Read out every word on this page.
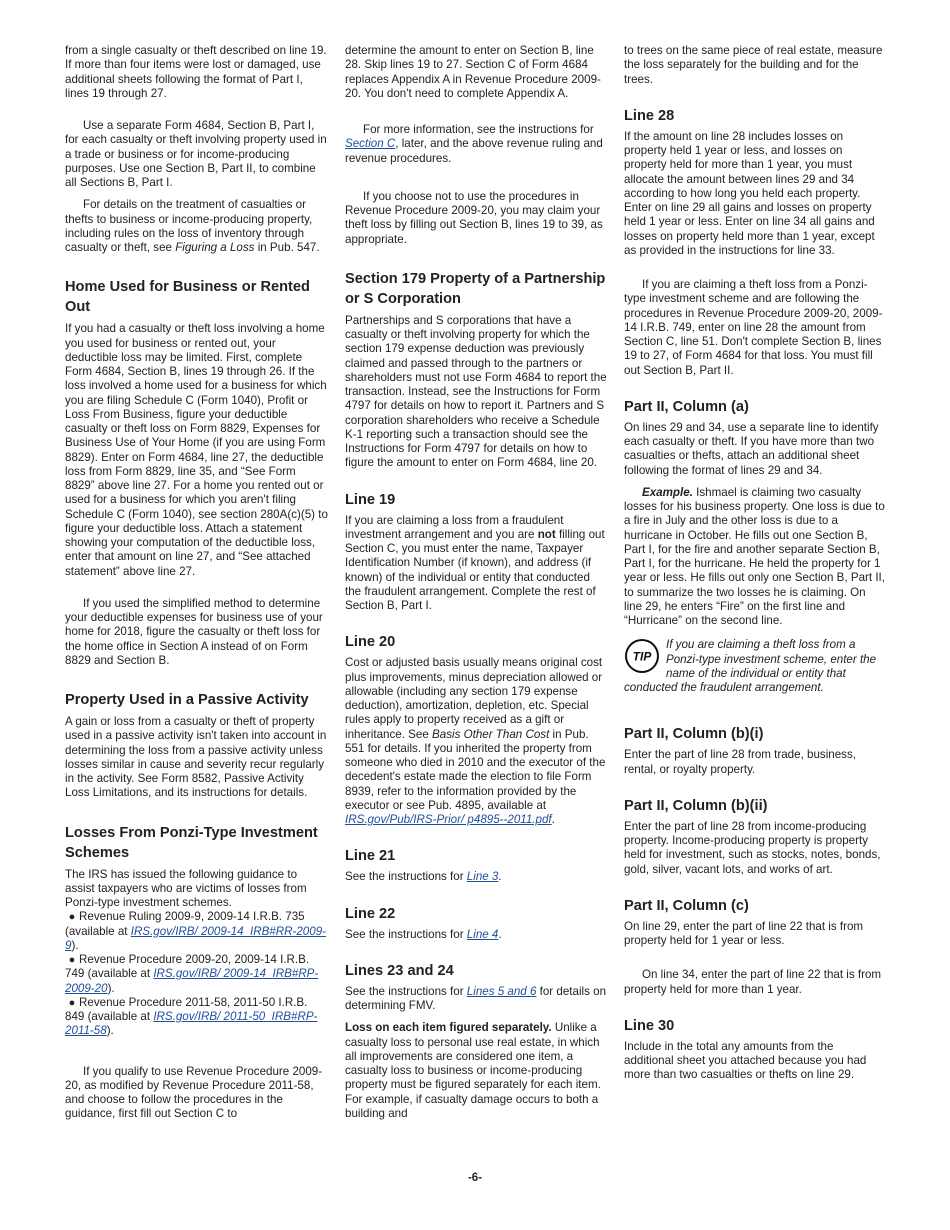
from a single casualty or theft described on line 19. If more than four items were lost or damaged, use additional sheets following the format of Part I, lines 19 through 27.

Use a separate Form 4684, Section B, Part I, for each casualty or theft involving property used in a trade or business or for income-producing purposes. Use one Section B, Part II, to combine all Sections B, Part I.

For details on the treatment of casualties or thefts to business or income-producing property, including rules on the loss of inventory through casualty or theft, see Figuring a Loss in Pub. 547.

Home Used for Business or Rented Out

If you had a casualty or theft loss involving a home you used for business or rented out, your deductible loss may be limited. First, complete Form 4684, Section B, lines 19 through 26. If the loss involved a home used for a business for which you are filing Schedule C (Form 1040), Profit or Loss From Business, figure your deductible casualty or theft loss on Form 8829, Expenses for Business Use of Your Home (if you are using Form 8829). Enter on Form 4684, line 27, the deductible loss from Form 8829, line 35, and “See Form 8829” above line 27. For a home you rented out or used for a business for which you aren't filing Schedule C (Form 1040), see section 280A(c)(5) to figure your deductible loss. Attach a statement showing your computation of the deductible loss, enter that amount on line 27, and “See attached statement” above line 27.

If you used the simplified method to determine your deductible expenses for business use of your home for 2018, figure the casualty or theft loss for the home office in Section A instead of on Form 8829 and Section B.

Property Used in a Passive Activity

A gain or loss from a casualty or theft of property used in a passive activity isn't taken into account in determining the loss from a passive activity unless losses similar in cause and severity recur regularly in the activity. See Form 8582, Passive Activity Loss Limitations, and its instructions for details.

Losses From Ponzi-Type Investment Schemes

The IRS has issued the following guidance to assist taxpayers who are victims of losses from Ponzi-type investment schemes.

● Revenue Ruling 2009-9, 2009-14 I.R.B. 735 (available at IRS.gov/IRB/ 2009-14_IRB#RR-2009-9).
● Revenue Procedure 2009-20, 2009-14 I.R.B. 749 (available at IRS.gov/IRB/ 2009-14_IRB#RP-2009-20).
● Revenue Procedure 2011-58, 2011-50 I.R.B. 849 (available at IRS.gov/IRB/ 2011-50_IRB#RP-2011-58).

If you qualify to use Revenue Procedure 2009-20, as modified by Revenue Procedure 2011-58, and choose to follow the procedures in the guidance, first fill out Section C to

determine the amount to enter on Section B, line 28. Skip lines 19 to 27. Section C of Form 4684 replaces Appendix A in Revenue Procedure 2009-20. You don't need to complete Appendix A.

For more information, see the instructions for Section C, later, and the above revenue ruling and revenue procedures.

If you choose not to use the procedures in Revenue Procedure 2009-20, you may claim your theft loss by filling out Section B, lines 19 to 39, as appropriate.

Section 179 Property of a Partnership or S Corporation

Partnerships and S corporations that have a casualty or theft involving property for which the section 179 expense deduction was previously claimed and passed through to the partners or shareholders must not use Form 4684 to report the transaction. Instead, see the Instructions for Form 4797 for details on how to report it. Partners and S corporation shareholders who receive a Schedule K-1 reporting such a transaction should see the Instructions for Form 4797 for details on how to figure the amount to enter on Form 4684, line 20.

Line 19

If you are claiming a loss from a fraudulent investment arrangement and you are not filling out Section C, you must enter the name, Taxpayer Identification Number (if known), and address (if known) of the individual or entity that conducted the fraudulent arrangement. Complete the rest of Section B, Part I.

Line 20

Cost or adjusted basis usually means original cost plus improvements, minus depreciation allowed or allowable (including any section 179 expense deduction), amortization, depletion, etc. Special rules apply to property received as a gift or inheritance. See Basis Other Than Cost in Pub. 551 for details. If you inherited the property from someone who died in 2010 and the executor of the decedent's estate made the election to file Form 8939, refer to the information provided by the executor or see Pub. 4895, available at IRS.gov/Pub/IRS-Prior/ p4895--2011.pdf.

Line 21

See the instructions for Line 3.

Line 22

See the instructions for Line 4.

Lines 23 and 24

See the instructions for Lines 5 and 6 for details on determining FMV.

Loss on each item figured separately. Unlike a casualty loss to personal use real estate, in which all improvements are considered one item, a casualty loss to business or income-producing property must be figured separately for each item. For example, if casualty damage occurs to both a building and

to trees on the same piece of real estate, measure the loss separately for the building and for the trees.

Line 28

If the amount on line 28 includes losses on property held 1 year or less, and losses on property held for more than 1 year, you must allocate the amount between lines 29 and 34 according to how long you held each property. Enter on line 29 all gains and losses on property held 1 year or less. Enter on line 34 all gains and losses on property held more than 1 year, except as provided in the instructions for line 33.

If you are claiming a theft loss from a Ponzi-type investment scheme and are following the procedures in Revenue Procedure 2009-20, 2009-14 I.R.B. 749, enter on line 28 the amount from Section C, line 51. Don't complete Section B, lines 19 to 27, of Form 4684 for that loss. You must fill out Section B, Part II.

Part II, Column (a)

On lines 29 and 34, use a separate line to identify each casualty or theft. If you have more than two casualties or thefts, attach an additional sheet following the format of lines 29 and 34.

Example. Ishmael is claiming two casualty losses for his business property. One loss is due to a fire in July and the other loss is due to a hurricane in October. He fills out one Section B, Part I, for the fire and another separate Section B, Part I, for the hurricane. He held the property for 1 year or less. He fills out only one Section B, Part II, to summarize the two losses he is claiming. On line 29, he enters “Fire” on the first line and “Hurricane” on the second line.

TIP
If you are claiming a theft loss from a Ponzi-type investment scheme, enter the name of the individual or entity that conducted the fraudulent arrangement.
Part II, Column (b)(i)

Enter the part of line 28 from trade, business, rental, or royalty property.

Part II, Column (b)(ii)

Enter the part of line 28 from income-producing property. Income-producing property is property held for investment, such as stocks, notes, bonds, gold, silver, vacant lots, and works of art.

Part II, Column (c)

On line 29, enter the part of line 22 that is from property held for 1 year or less.

On line 34, enter the part of line 22 that is from property held for more than 1 year.

Line 30

Include in the total any amounts from the additional sheet you attached because you had more than two casualties or thefts on line 29.

-6-
